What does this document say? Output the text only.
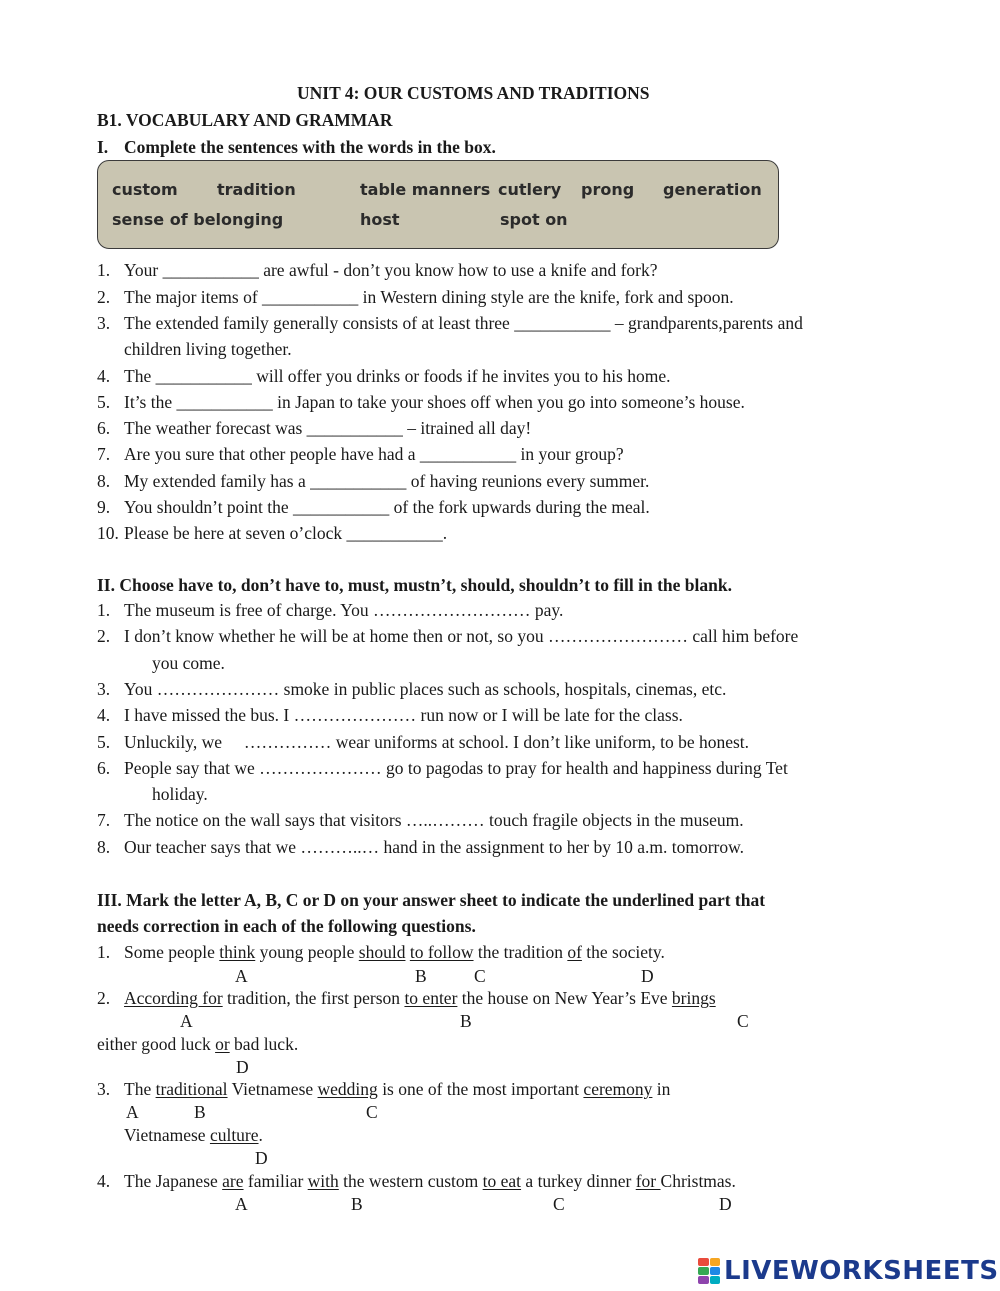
UNIT 4: OUR CUSTOMS AND TRADITIONS
B1. VOCABULARY AND GRAMMAR
I. Complete the sentences with the words in the box.
custom tradition	table manners cutlery prong generation
sense of belonging	host	spot on
1. Your ___________ are awful - don’t you know how to use a knife and fork?
2. The major items of ___________ in Western dining style are the knife, fork and spoon.
3. The extended family generally consists of at least three ___________ – grandparents,parents and
children living together.
4. The ___________ will offer you drinks or foods if he invites you to his home.
5. It’s the ___________ in Japan to take your shoes off when you go into someone’s house.
6. The weather forecast was ___________ – itrained all day!
7. Are you sure that other people have had a ___________ in your group?
8. My extended family has a ___________ of having reunions every summer.
9. You shouldn’t point the ___________ of the fork upwards during the meal.
10. Please be here at seven o’clock ___________.
II. Choose have to, don’t have to, must, mustn’t, should, shouldn’t to fill in the blank.
1. The museum is free of charge. You ……………………… pay.
2. I don’t know whether he will be at home then or not, so you …………………… call him before
you come.
3. You ………………… smoke in public places such as schools, hospitals, cinemas, etc.
4. I have missed the bus. I ………………… run now or I will be late for the class.
5. Unluckily, we     …………… wear uniforms at school. I don’t like uniform, to be honest.
6. People say that we ………………… go to pagodas to pray for health and happiness during Tet
holiday.
7. The notice on the wall says that visitors …..……… touch fragile objects in the museum.
8. Our teacher says that we ………..… hand in the assignment to her by 10 a.m. tomorrow.
III. Mark the letter A, B, C or D on your answer sheet to indicate the underlined part that
needs correction in each of the following questions.
1. Some people think young people should to follow the tradition of the society.
A	B	C	D
2. According for tradition, the first person to enter the house on New Year’s Eve brings
A	B	C
either good luck or bad luck.
D
3. The traditional Vietnamese wedding is one of the most important ceremony in
A	B	C
Vietnamese culture.
D
4. The Japanese are familiar with the western custom to eat a turkey dinner for Christmas.
A	B	C	D
LIVEWORKSHEETS
